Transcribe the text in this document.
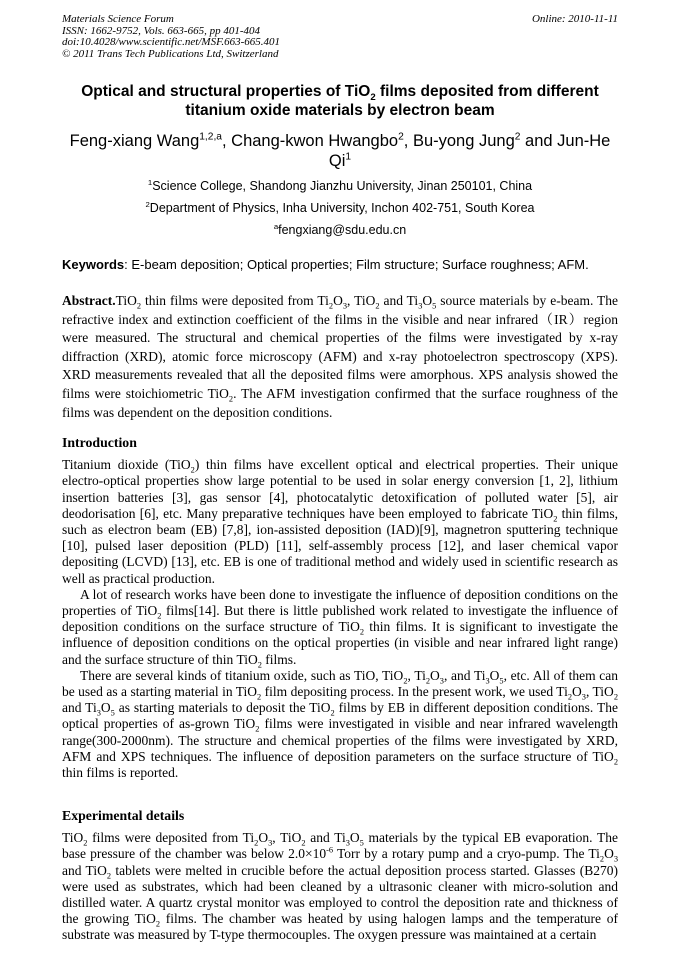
Materials Science Forum
ISSN: 1662-9752, Vols. 663-665, pp 401-404
doi:10.4028/www.scientific.net/MSF.663-665.401
© 2011 Trans Tech Publications Ltd, Switzerland
Online: 2010-11-11
Optical and structural properties of TiO$_2$ films deposited from different titanium oxide materials by electron beam
Feng-xiang Wang$^{1,2,a}$, Chang-kwon Hwangbo$^2$, Bu-yong Jung$^2$ and Jun-He Qi$^1$
$^1$Science College, Shandong Jianzhu University, Jinan 250101, China
$^2$Department of Physics, Inha University, Inchon 402-751, South Korea
$^a$fengxiang@sdu.edu.cn
Keywords: E-beam deposition; Optical properties; Film structure; Surface roughness; AFM.

Abstract.TiO$_2$ thin films were deposited from $Ti_2O_3$, TiO$_2$ and $Ti_3O_5$ source materials by e-beam. The refractive index and extinction coefficient of the films in the visible and near infrared（IR）region were measured. The structural and chemical properties of the films were investigated by x-ray diffraction (XRD), atomic force microscopy (AFM) and x-ray photoelectron spectroscopy (XPS). XRD measurements revealed that all the deposited films were amorphous. XPS analysis showed the films were stoichiometric TiO$_2$. The AFM investigation confirmed that the surface roughness of the films was dependent on the deposition conditions.

Introduction

Titanium dioxide (TiO$_2$) thin films have excellent optical and electrical properties. Their unique electro-optical properties show large potential to be used in solar energy conversion [1, 2], lithium insertion batteries [3], gas sensor [4], photocatalytic detoxification of polluted water [5], air deodorisation [6], etc. Many preparative techniques have been employed to fabricate TiO$_2$ thin films, such as electron beam (EB) [7,8], ion-assisted deposition (IAD)[9], magnetron sputtering technique [10], pulsed laser deposition (PLD) [11], self-assembly process [12], and laser chemical vapor depositing (LCVD) [13], etc. EB is one of traditional method and widely used in scientific research as well as practical production.

A lot of research works have been done to investigate the influence of deposition conditions on the properties of TiO$_2$ films[14]. But there is little published work related to investigate the influence of deposition conditions on the surface structure of TiO$_2$ thin films. It is significant to investigate the influence of deposition conditions on the optical properties (in visible and near infrared light range) and the surface structure of thin TiO$_2$ films.

There are several kinds of titanium oxide, such as TiO, TiO$_2$, $Ti_2O_3$, and $Ti_3O_5$, etc. All of them can be used as a starting material in TiO$_2$ film depositing process. In the present work, we used $Ti_2O_3$, TiO$_2$ and $Ti_3O_5$ as starting materials to deposit the TiO$_2$ films by EB in different deposition conditions. The optical properties of as-grown TiO$_2$ films were investigated in visible and near infrared wavelength range(300-2000nm). The structure and chemical properties of the films were investigated by XRD, AFM and XPS techniques. The influence of deposition parameters on the surface structure of TiO$_2$ thin films is reported.

Experimental details

TiO$_2$ films were deposited from $Ti_2O_3$, TiO$_2$ and $Ti_3O_5$ materials by the typical EB evaporation. The base pressure of the chamber was below $2.0\times 10^{-6}$ Torr by a rotary pump and a cryo-pump. The $Ti_2O_3$ and TiO$_2$ tablets were melted in crucible before the actual deposition process started. Glasses (B270) were used as substrates, which had been cleaned by a ultrasonic cleaner with micro-solution and distilled water. A quartz crystal monitor was employed to control the deposition rate and thickness of the growing TiO$_2$ films. The chamber was heated by using halogen lamps and the temperature of substrate was measured by T-type thermocouples. The oxygen pressure was maintained at a certain
